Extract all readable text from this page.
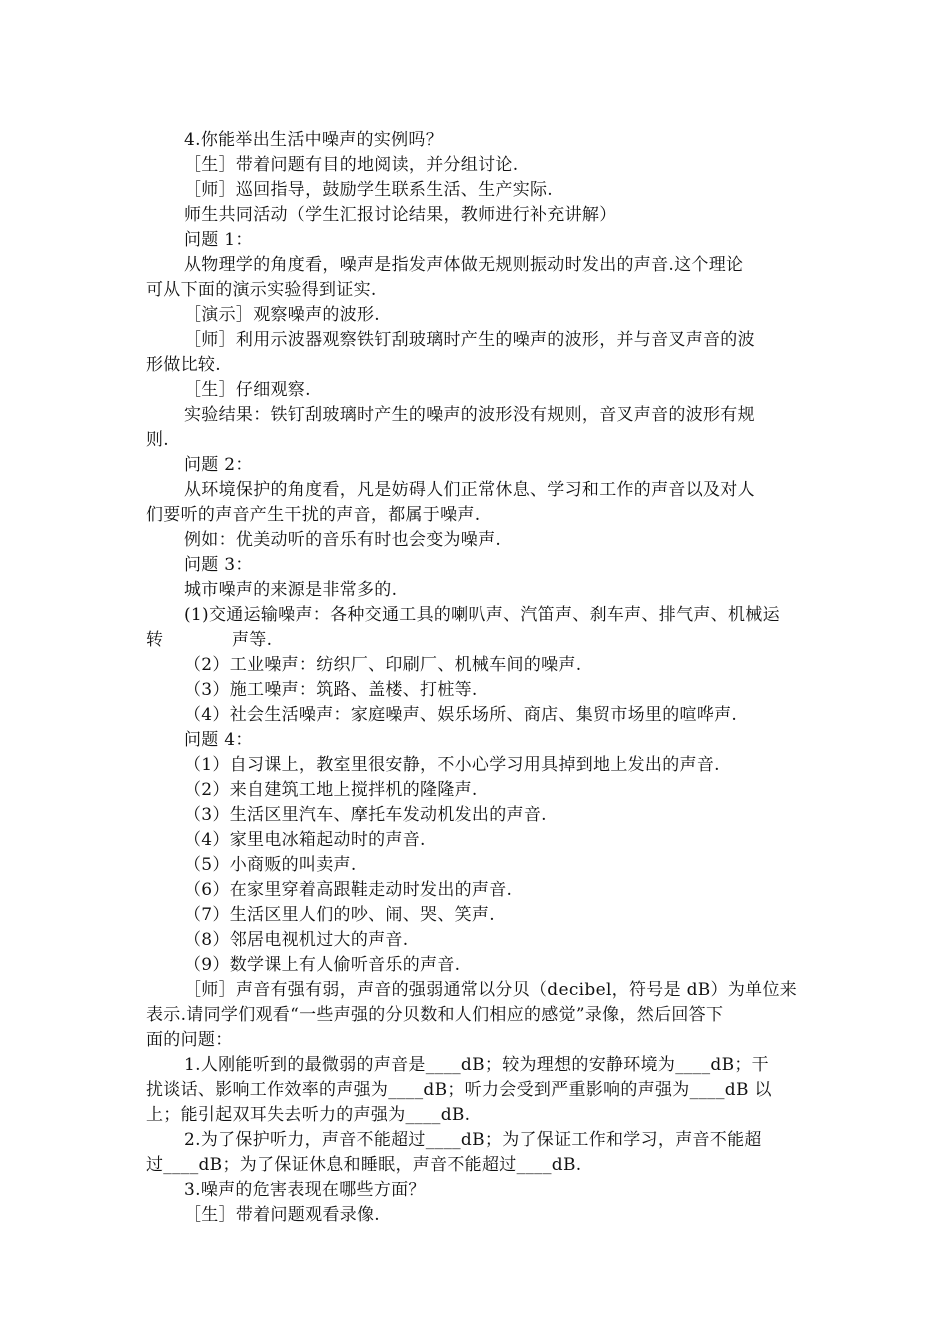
4.你能举出生活中噪声的实例吗？
［生］带着问题有目的地阅读，并分组讨论.
［师］巡回指导，鼓励学生联系生活、生产实际.
师生共同活动（学生汇报讨论结果，教师进行补充讲解）
问题 1：
从物理学的角度看，噪声是指发声体做无规则振动时发出的声音.这个理论
可从下面的演示实验得到证实.
［演示］观察噪声的波形.
［师］利用示波器观察铁钉刮玻璃时产生的噪声的波形，并与音叉声音的波
形做比较.
［生］仔细观察.
实验结果：铁钉刮玻璃时产生的噪声的波形没有规则，音叉声音的波形有规
则.
问题 2：
从环境保护的角度看，凡是妨碍人们正常休息、学习和工作的声音以及对人
们要听的声音产生干扰的声音，都属于噪声.
例如：优美动听的音乐有时也会变为噪声.
问题 3：
城市噪声的来源是非常多的.
(1)交通运输噪声：各种交通工具的喇叭声、汽笛声、刹车声、排气声、机械运
转	声等.
（2）工业噪声：纺织厂、印刷厂、机械车间的噪声.
（3）施工噪声：筑路、盖楼、打桩等.
（4）社会生活噪声：家庭噪声、娱乐场所、商店、集贸市场里的喧哗声.
问题 4：
（1）自习课上，教室里很安静，不小心学习用具掉到地上发出的声音.
（2）来自建筑工地上搅拌机的隆隆声.
（3）生活区里汽车、摩托车发动机发出的声音.
（4）家里电冰箱起动时的声音.
（5）小商贩的叫卖声.
（6）在家里穿着高跟鞋走动时发出的声音.
（7）生活区里人们的吵、闹、哭、笑声.
（8）邻居电视机过大的声音.
（9）数学课上有人偷听音乐的声音.
［师］声音有强有弱，声音的强弱通常以分贝（decibel，符号是 dB）为单位来
表示.请同学们观看“一些声强的分贝数和人们相应的感觉”录像，然后回答下
面的问题：
1.人刚能听到的最微弱的声音是____dB；较为理想的安静环境为____dB；干
扰谈话、影响工作效率的声强为____dB；听力会受到严重影响的声强为____dB 以
上；能引起双耳失去听力的声强为____dB.
2.为了保护听力，声音不能超过____dB；为了保证工作和学习，声音不能超
过____dB；为了保证休息和睡眠，声音不能超过____dB.
3.噪声的危害表现在哪些方面？
［生］带着问题观看录像.
